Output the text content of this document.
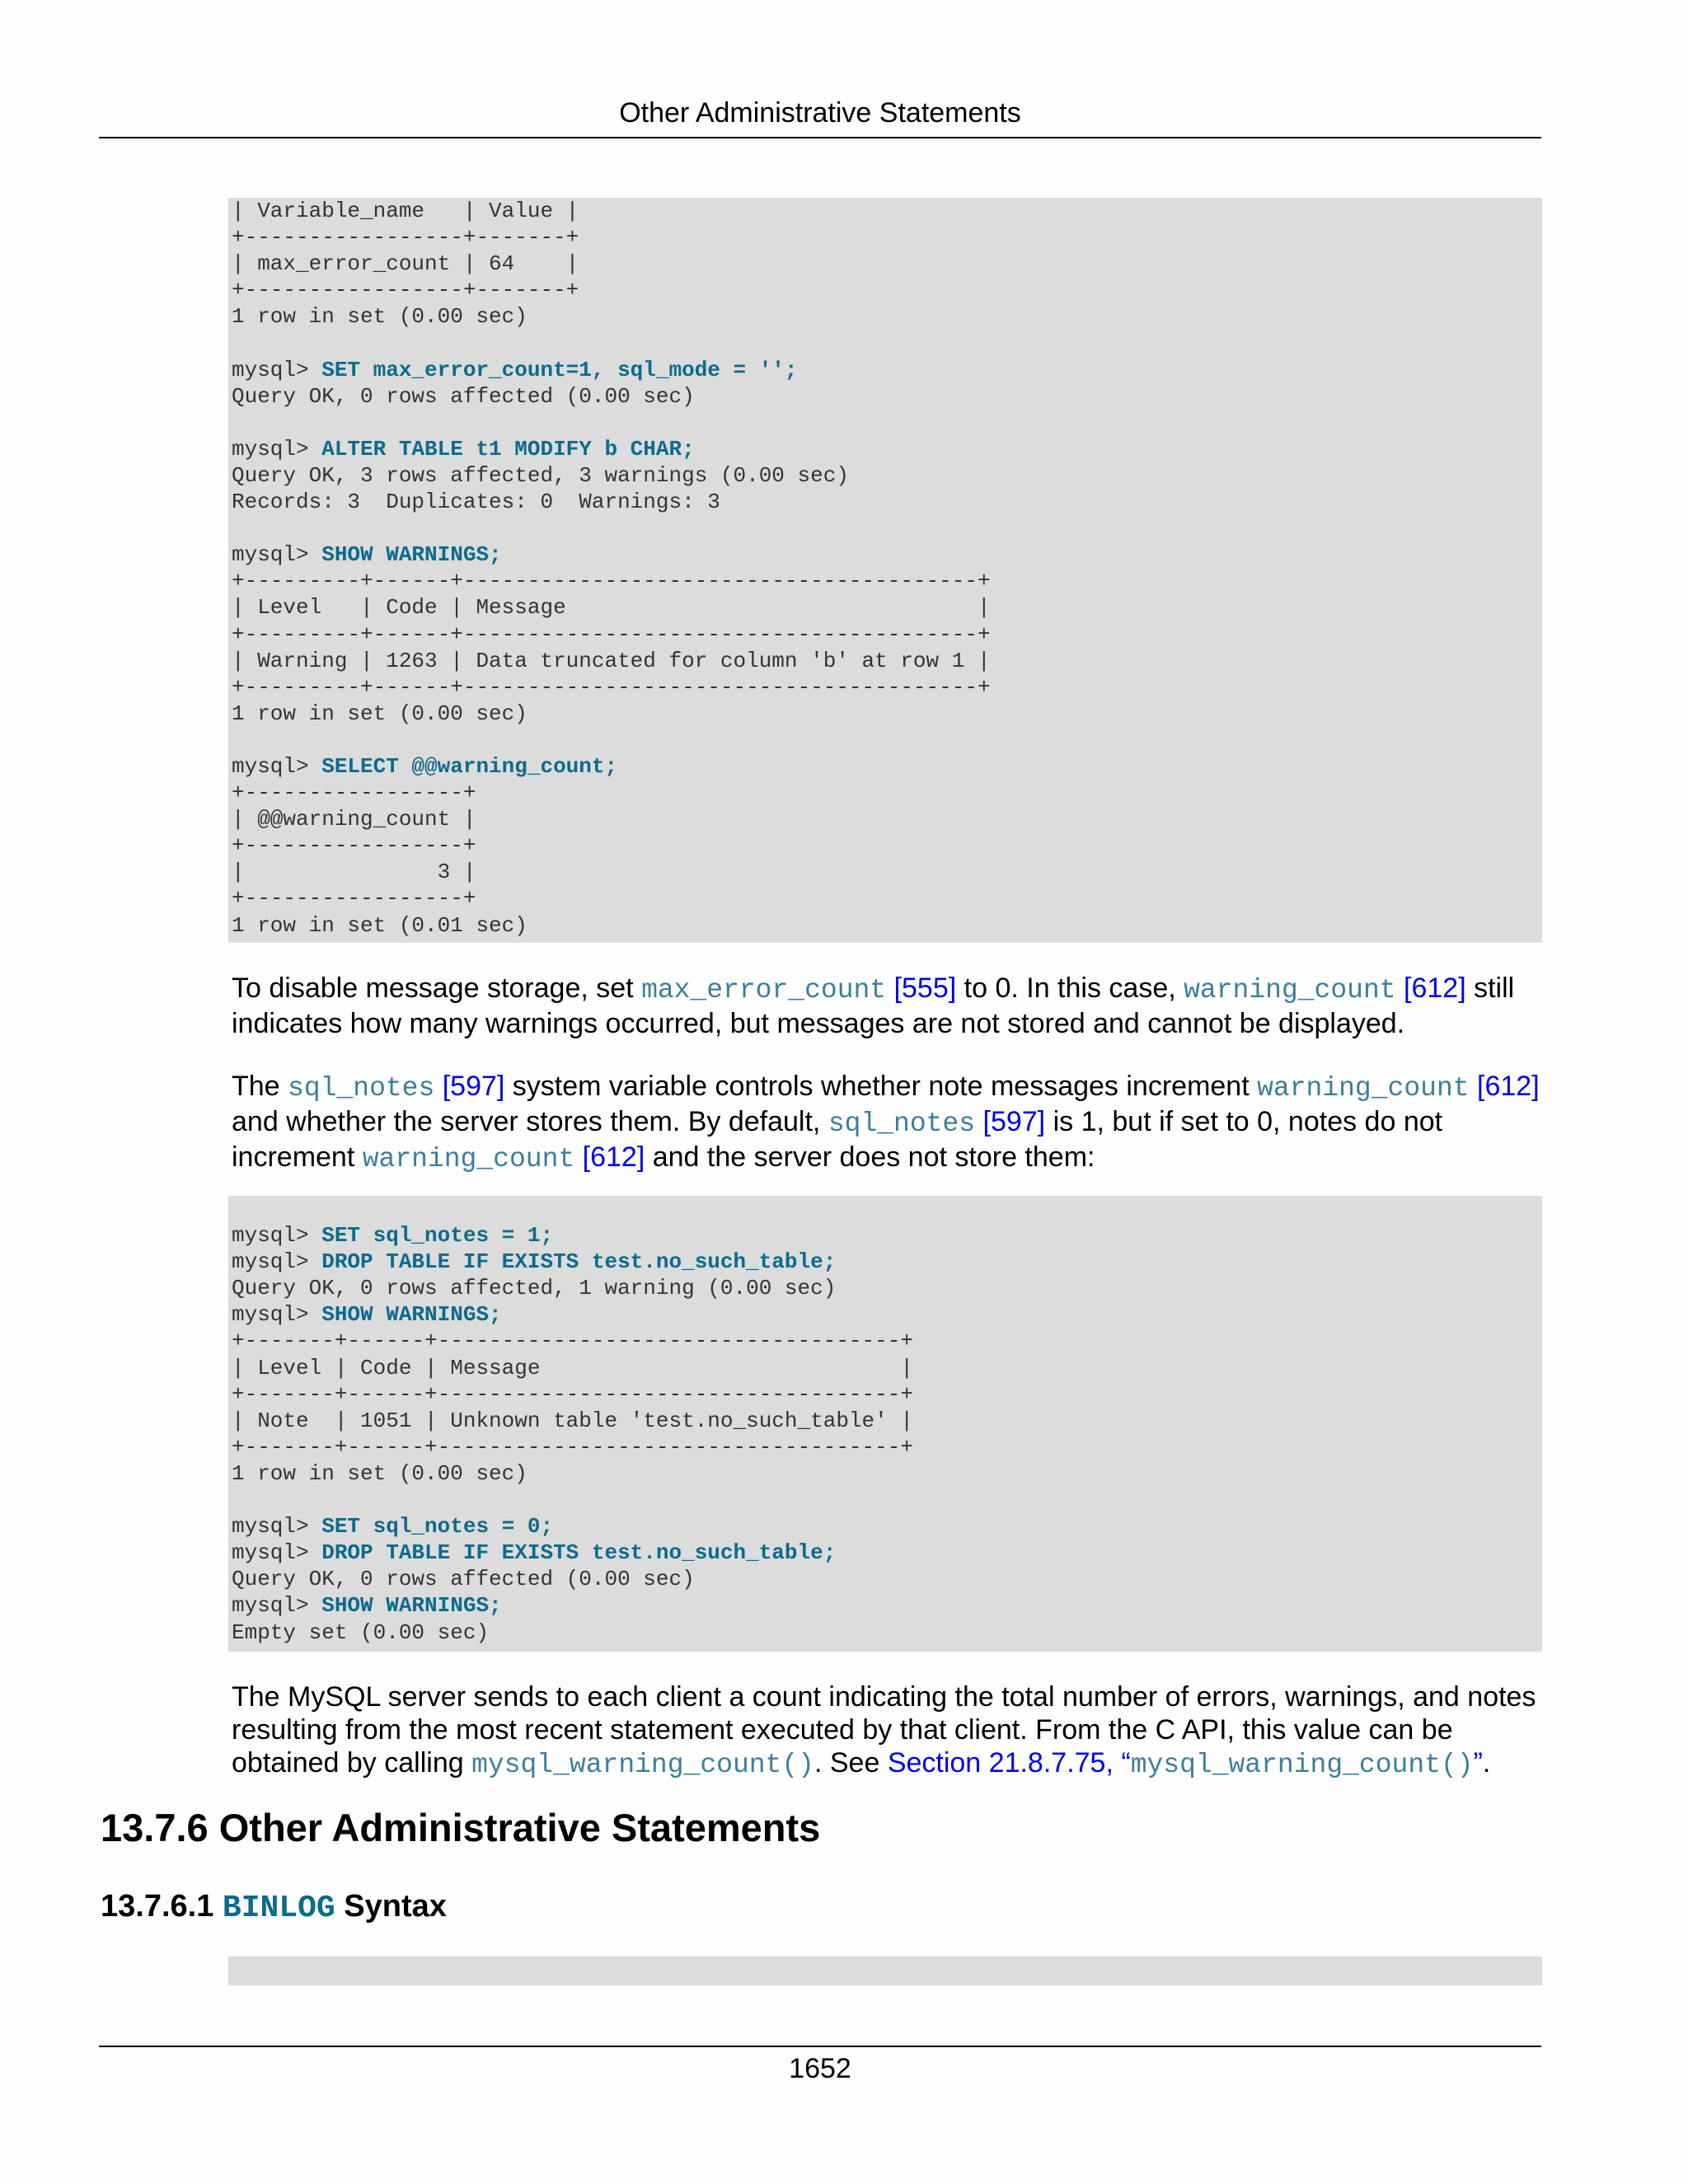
Other Administrative Statements
| Variable_name   | Value |
+-----------------+-------+
| max_error_count | 64    |
+-----------------+-------+
1 row in set (0.00 sec)
mysql> SET max_error_count=1, sql_mode = '';
Query OK, 0 rows affected (0.00 sec)
mysql> ALTER TABLE t1 MODIFY b CHAR;
Query OK, 3 rows affected, 3 warnings (0.00 sec)
Records: 3  Duplicates: 0  Warnings: 3
mysql> SHOW WARNINGS;
+---------+------+----------------------------------------+
| Level   | Code | Message                                |
+---------+------+----------------------------------------+
| Warning | 1263 | Data truncated for column 'b' at row 1 |
+---------+------+----------------------------------------+
1 row in set (0.00 sec)
mysql> SELECT @@warning_count;
+-----------------+
| @@warning_count |
+-----------------+
|               3 |
+-----------------+
1 row in set (0.01 sec)
To disable message storage, set max_error_count [555] to 0. In this case, warning_count [612] still indicates how many warnings occurred, but messages are not stored and cannot be displayed.
The sql_notes [597] system variable controls whether note messages increment warning_count [612] and whether the server stores them. By default, sql_notes [597] is 1, but if set to 0, notes do not increment warning_count [612] and the server does not store them:
mysql> SET sql_notes = 1;
mysql> DROP TABLE IF EXISTS test.no_such_table;
Query OK, 0 rows affected, 1 warning (0.00 sec)
mysql> SHOW WARNINGS;
+-------+------+------------------------------------+
| Level | Code | Message                            |
+-------+------+------------------------------------+
| Note  | 1051 | Unknown table 'test.no_such_table' |
+-------+------+------------------------------------+
1 row in set (0.00 sec)
mysql> SET sql_notes = 0;
mysql> DROP TABLE IF EXISTS test.no_such_table;
Query OK, 0 rows affected (0.00 sec)
mysql> SHOW WARNINGS;
Empty set (0.00 sec)
The MySQL server sends to each client a count indicating the total number of errors, warnings, and notes resulting from the most recent statement executed by that client. From the C API, this value can be obtained by calling mysql_warning_count(). See Section 21.8.7.75, “mysql_warning_count()”.
13.7.6 Other Administrative Statements
13.7.6.1 BINLOG Syntax
1652
